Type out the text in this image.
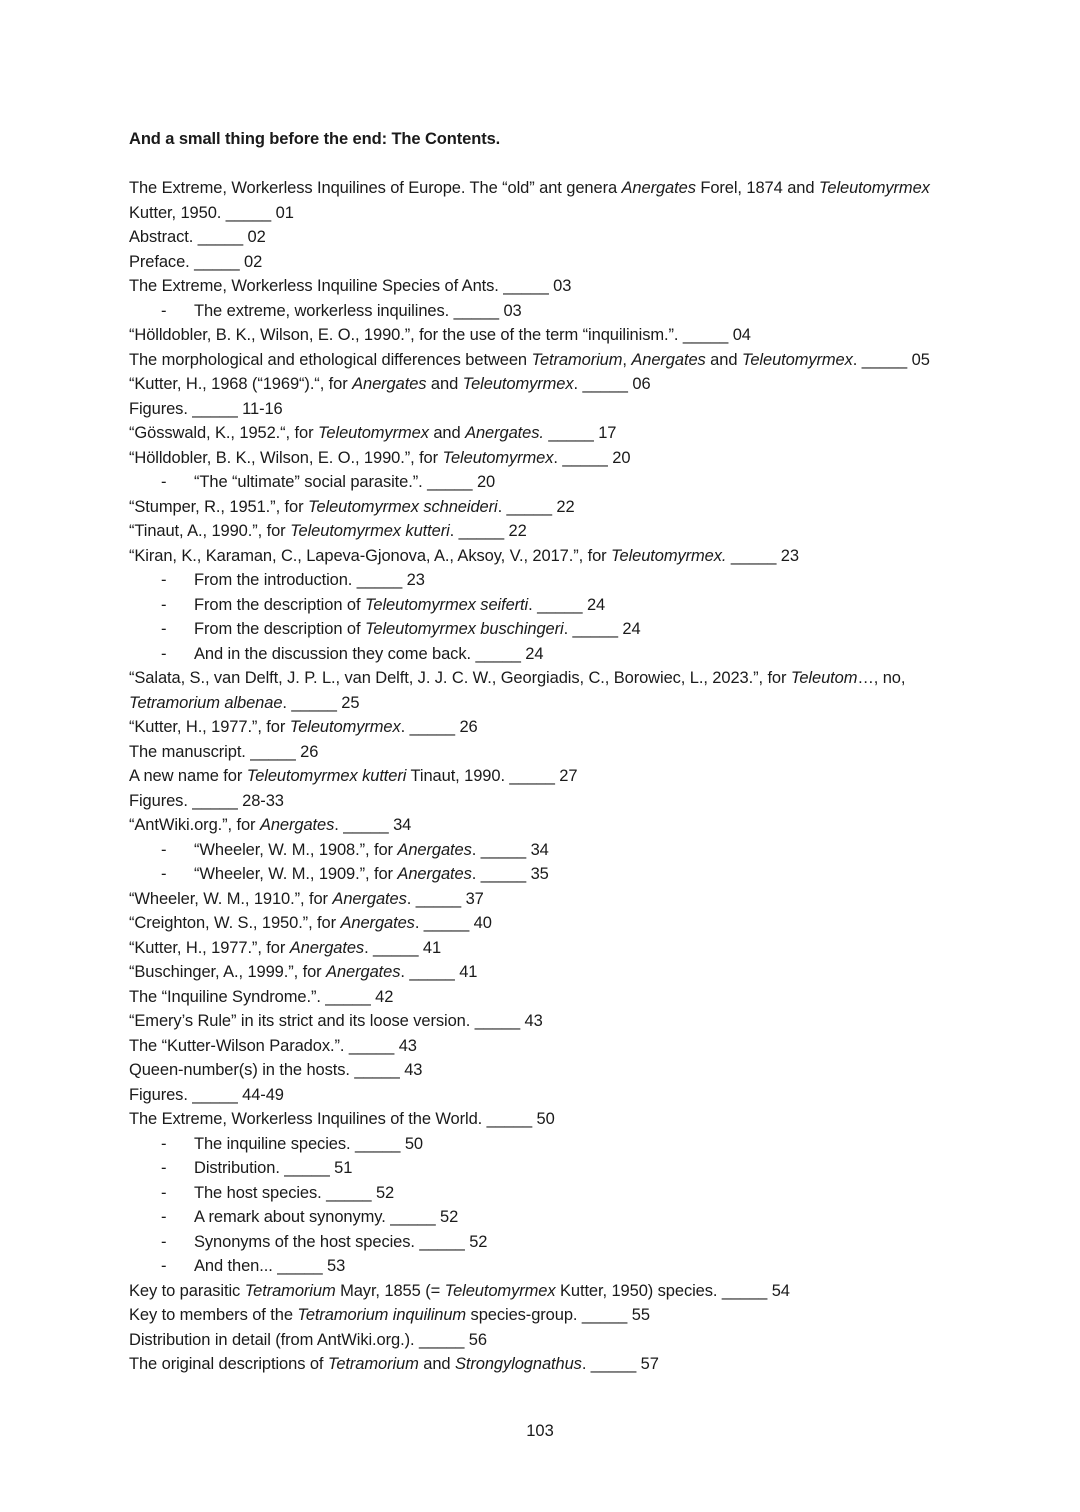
And a small thing before the end: The Contents.

The Extreme, Workerless Inquilines of Europe. The “old” ant genera Anergates Forel, 1874 and Teleutomyrmex Kutter, 1950. _____ 01
Abstract. _____ 02
Preface. _____ 02
The Extreme, Workerless Inquiline Species of Ants. _____ 03
- The extreme, workerless inquilines. _____ 03
“Hölldobler, B. K., Wilson, E. O., 1990.”, for the use of the term “inquilinism.”. _____ 04
The morphological and ethological differences between Tetramorium, Anergates and Teleutomyrmex. _____ 05
“Kutter, H., 1968 (“1969“).“, for Anergates and Teleutomyrmex. _____ 06
Figures. _____ 11-16
“Gösswald, K., 1952.“, for Teleutomyrmex and Anergates. _____ 17
“Hölldobler, B. K., Wilson, E. O., 1990.”, for Teleutomyrmex. _____ 20
- “The “ultimate” social parasite.”. _____ 20
“Stumper, R., 1951.”, for Teleutomyrmex schneideri. _____ 22
“Tinaut, A., 1990.”, for Teleutomyrmex kutteri. _____ 22
“Kiran, K., Karaman, C., Lapeva-Gjonova, A., Aksoy, V., 2017.”, for Teleutomyrmex. _____ 23
- From the introduction. _____ 23
- From the description of Teleutomyrmex seiferti. _____ 24
- From the description of Teleutomyrmex buschingeri. _____ 24
- And in the discussion they come back. _____ 24
“Salata, S., van Delft, J. P. L., van Delft, J. J. C. W., Georgiadis, C., Borowiec, L., 2023.”, for Teleutom…, no, Tetramorium albenae. _____ 25
“Kutter, H., 1977.”, for Teleutomyrmex. _____ 26
The manuscript. _____ 26
A new name for Teleutomyrmex kutteri Tinaut, 1990. _____ 27
Figures. _____ 28-33
“AntWiki.org.”, for Anergates. _____ 34
- “Wheeler, W. M., 1908.”, for Anergates. _____ 34
- “Wheeler, W. M., 1909.”, for Anergates. _____ 35
“Wheeler, W. M., 1910.”, for Anergates. _____ 37
“Creighton, W. S., 1950.”, for Anergates. _____ 40
“Kutter, H., 1977.”, for Anergates. _____ 41
“Buschinger, A., 1999.”, for Anergates. _____ 41
The “Inquiline Syndrome.”. _____ 42
“Emery’s Rule” in its strict and its loose version. _____ 43
The “Kutter-Wilson Paradox.”. _____ 43
Queen-number(s) in the hosts. _____ 43
Figures. _____ 44-49
The Extreme, Workerless Inquilines of the World. _____ 50
- The inquiline species. _____ 50
- Distribution. _____ 51
- The host species. _____ 52
- A remark about synonymy. _____ 52
- Synonyms of the host species. _____ 52
- And then... _____ 53
Key to parasitic Tetramorium Mayr, 1855 (= Teleutomyrmex Kutter, 1950) species. _____ 54
Key to members of the Tetramorium inquilinum species-group. _____ 55
Distribution in detail (from AntWiki.org.). _____ 56
The original descriptions of Tetramorium and Strongylognathus. _____ 57
103
